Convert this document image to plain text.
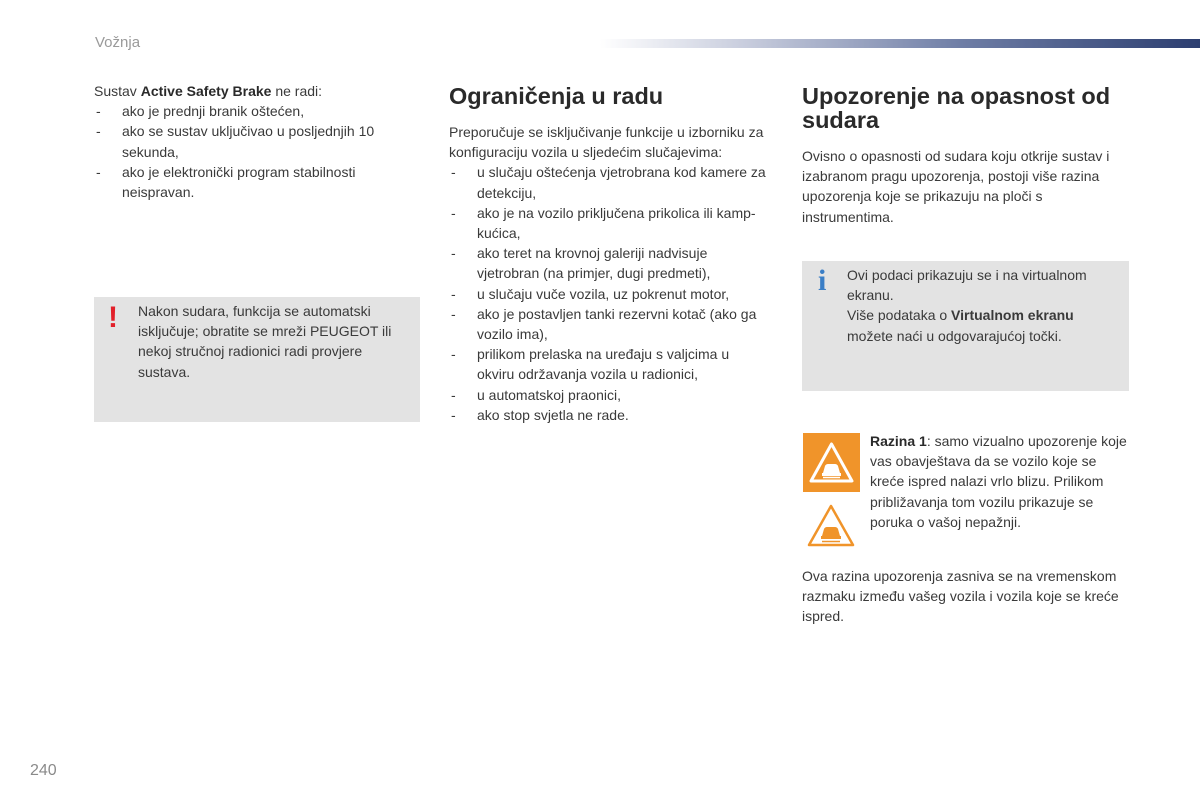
Vožnja

Sustav Active Safety Brake ne radi:

- ako je prednji branik oštećen,
- ako se sustav uključivao u posljednjih 10 sekunda,
- ako je elektronički program stabilnosti neispravan.
!	Nakon sudara, funkcija se automatski isključuje; obratite se mreži PEUGEOT ili nekoj stručnoj radionici radi provjere sustava.
Ograničenja u radu

Preporučuje se isključivanje funkcije u izborniku za konfiguraciju vozila u sljedećim slučajevima:

- u slučaju oštećenja vjetrobrana kod kamere za detekciju,
- ako je na vozilo priključena prikolica ili kamp-kućica,
- ako teret na krovnoj galeriji nadvisuje vjetrobran (na primjer, dugi predmeti),
- u slučaju vuče vozila, uz pokrenut motor,
- ako je postavljen tanki rezervni kotač (ako ga vozilo ima),
- prilikom prelaska na uređaju s valjcima u okviru održavanja vozila u radionici,
- u automatskoj praonici,
- ako stop svjetla ne rade.
Upozorenje na opasnost od sudara

Ovisno o opasnosti od sudara koju otkrije sustav i izabranom pragu upozorenja, postoji više razina upozorenja koje se prikazuju na ploči s instrumentima.

i Ovi podaci prikazuju se i na virtualnom ekranu.
Više podataka o Virtualnom ekranu možete naći u odgovarajućoj točki.
Razina 1: samo vizualno upozorenje koje vas obavještava da se vozilo koje se kreće ispred nalazi vrlo blizu. Prilikom približavanja tom vozilu prikazuje se poruka o vašoj nepažnji.
Ova razina upozorenja zasniva se na vremenskom razmaku između vašeg vozila i vozila koje se kreće ispred.
240
